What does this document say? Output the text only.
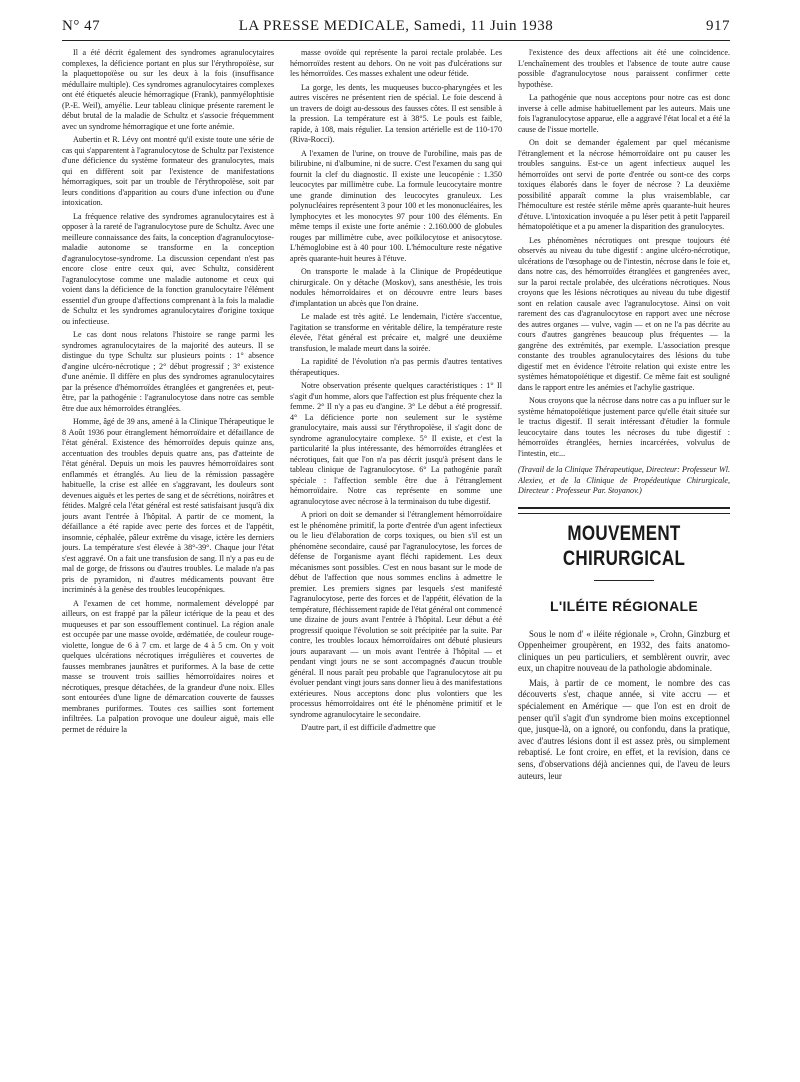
N° 47	LA PRESSE MEDICALE, Samedi, 11 Juin 1938	917

Il a été décrit également des syndromes agranulocytaires complexes, la déficience portant en plus sur l'érythropoïèse, sur la plaquettopoïèse ou sur les deux à la fois (insuffisance médullaire multiple). Ces syndromes agranulocytaires complexes ont été étiquetés aleucie hémorragique (Frank), panmyélophtisie (P.-E. Weil), amyélie. Leur tableau clinique présente rarement le début brutal de la maladie de Schultz et s'associe fréquemment avec un syndrome hémorragique et une forte anémie.

Aubertin et R. Lévy ont montré qu'il existe toute une série de cas qui s'apparentent à l'agranulocytose de Schultz par l'existence d'une déficience du système formateur des granulocytes, mais qui en diffèrent soit par l'existence de manifestations hémorragiques, soit par un trouble de l'érythropoïèse, soit par leurs conditions d'apparition au cours d'une infection ou d'une intoxication.

La fréquence relative des syndromes agranulocytaires est à opposer à la rareté de l'agranulocytose pure de Schultz. Avec une meilleure connaissance des faits, la conception d'agranulocytose-maladie autonome se transforme en la conception d'agranulocytose-syndrome. La discussion cependant n'est pas encore close entre ceux qui, avec Schultz, considèrent l'agranulocytose comme une maladie autonome et ceux qui voient dans la déficience de la fonction granulocytaire l'élément essentiel d'un groupe d'affections comprenant à la fois la maladie de Schultz et les syndromes agranulocytaires d'origine toxique ou infectieuse.

Le cas dont nous relatons l'histoire se range parmi les syndromes agranulocytaires de la majorité des auteurs. Il se distingue du type Schultz sur plusieurs points : 1° absence d'angine ulcéro-nécrotique ; 2° début progressif ; 3° existence d'une anémie. Il diffère en plus des syndromes agranulocytaires par la présence d'hémorroïdes étranglées et gangrenées et, peut-être, par la pathogénie : l'agranulocytose dans notre cas semble être due aux hémorroïdes étranglées.

Homme, âgé de 39 ans, amené à la Clinique Thérapeutique le 8 Août 1936 pour étranglement hémorroïdaire et défaillance de l'état général. Existence des hémorroïdes depuis quinze ans, accentuation des troubles depuis quatre ans, pas d'atteinte de l'état général. Depuis un mois les pauvres hémorroïdaires sont enflammés et étranglés. Au lieu de la rémission passagère habituelle, la crise est allée en s'aggravant, les douleurs sont devenues aiguës et les pertes de sang et de sécrétions, noirâtres et fétides. Malgré cela l'état général est resté satisfaisant jusqu'à dix jours avant l'entrée à l'hôpital. A partir de ce moment, la défaillance a été rapide avec perte des forces et de l'appétit, insomnie, céphalée, pâleur extrême du visage, ictère les derniers jours. La température s'est élevée à 38°-39°. Chaque jour l'état s'est aggravé. On a fait une transfusion de sang. Il n'y a pas eu de mal de gorge, de frissons ou d'autres troubles. Le malade n'a pas pris de pyramidon, ni d'autres médicaments pouvant être incriminés à la genèse des troubles leucopéniques.

A l'examen de cet homme, normalement développé par ailleurs, on est frappé par la pâleur ictérique de la peau et des muqueuses et par son essoufflement continuel. La région anale est occupée par une masse ovoïde, œdématiée, de couleur rouge-violette, longue de 6 à 7 cm. et large de 4 à 5 cm. On y voit quelques ulcérations nécrotiques irrégulières et couvertes de fausses membranes jaunâtres et puriformes. A la base de cette masse se trouvent trois saillies hémorroïdaires noires et nécrotiques, presque détachées, de la grandeur d'une noix. Elles sont entourées d'une ligne de démarcation couverte de fausses membranes puriformes. Toutes ces saillies sont fortement infiltrées. La palpation provoque une douleur aiguë, mais elle permet de réduire la

masse ovoïde qui représente la paroi rectale prolabée. Les hémorroïdes restent au dehors. On ne voit pas d'ulcérations sur les hémorroïdes. Ces masses exhalent une odeur fétide.

La gorge, les dents, les muqueuses bucco-pharyngées et les autres viscères ne présentent rien de spécial. Le foie descend à un travers de doigt au-dessous des fausses côtes. Il est sensible à la pression. La température est à 38°5. Le pouls est faible, rapide, à 108, mais régulier. La tension artérielle est de 110-170 (Riva-Rocci).

A l'examen de l'urine, on trouve de l'urobiline, mais pas de bilirubine, ni d'albumine, ni de sucre. C'est l'examen du sang qui fournit la clef du diagnostic. Il existe une leucopénie : 1.350 leucocytes par millimètre cube. La formule leucocytaire montre une grande diminution des leucocytes granuleux. Les polynucléaires représentent 3 pour 100 et les mononucléaires, les lymphocytes et les monocytes 97 pour 100 des éléments. En même temps il existe une forte anémie : 2.160.000 de globules rouges par millimètre cube, avec poïkilocytose et anisocytose. L'hémoglobine est à 40 pour 100. L'hémoculture reste négative après quarante-huit heures à l'étuve.

On transporte le malade à la Clinique de Propédeutique chirurgicale. On y détache (Moskov), sans anesthésie, les trois nodules hémorroïdaires et on découvre entre leurs bases d'implantation un abcès que l'on draine.

Le malade est très agité. Le lendemain, l'ictère s'accentue, l'agitation se transforme en véritable délire, la température reste élevée, l'état général est précaire et, malgré une deuxième transfusion, le malade meurt dans la soirée.

La rapidité de l'évolution n'a pas permis d'autres tentatives thérapeutiques.

Notre observation présente quelques caractéristiques : 1° Il s'agit d'un homme, alors que l'affection est plus fréquente chez la femme. 2° Il n'y a pas eu d'angine. 3° Le début a été progressif. 4° La déficience porte non seulement sur le système granulocytaire, mais aussi sur l'érythropoïèse, il s'agit donc de syndrome agranulocytaire complexe. 5° Il existe, et c'est la particularité la plus intéressante, des hémorroïdes étranglées et nécrotiques, fait que l'on n'a pas décrit jusqu'à présent dans le tableau clinique de l'agranulocytose. 6° La pathogénie paraît spéciale : l'affection semble être due à l'étranglement hémorroïdaire. Notre cas représente en somme une agranulocytose avec nécrose à la terminaison du tube digestif.

A priori on doit se demander si l'étranglement hémorroïdaire est le phénomène primitif, la porte d'entrée d'un agent infectieux ou le lieu d'élaboration de corps toxiques, ou bien s'il est un phénomène secondaire, causé par l'agranulocytose, les forces de défense de l'organisme ayant fléchi rapidement. Les deux mécanismes sont possibles. C'est en nous basant sur le mode de début de l'affection que nous sommes enclins à admettre le premier. Les premiers signes par lesquels s'est manifesté l'agranulocytose, perte des forces et de l'appétit, élévation de la température, fléchissement rapide de l'état général ont commencé une dizaine de jours avant l'entrée à l'hôpital. Leur début a été progressif quoique l'évolution se soit précipitée par la suite. Par contre, les troubles locaux hémorroïdaires ont débuté plusieurs jours auparavant — un mois avant l'entrée à l'hôpital — et pendant vingt jours ne se sont accompagnés d'aucun trouble général. Il nous paraît peu probable que l'agranulocytose ait pu évoluer pendant vingt jours sans donner lieu à des manifestations extérieures. Nous acceptons donc plus volontiers que les processus hémorroïdaires ont été le phénomène primitif et le syndrome agranulocytaire le secondaire.

D'autre part, il est difficile d'admettre que

l'existence des deux affections ait été une coïncidence. L'enchaînement des troubles et l'absence de toute autre cause possible d'agranulocytose nous paraissent confirmer cette hypothèse.

La pathogénie que nous acceptons pour notre cas est donc inverse à celle admise habituellement par les auteurs. Mais une fois l'agranulocytose apparue, elle a aggravé l'état local et a été la cause de l'issue mortelle.

On doit se demander également par quel mécanisme l'étranglement et la nécrose hémorroïdaire ont pu causer les troubles sanguins. Est-ce un agent infectieux auquel les hémorroïdes ont servi de porte d'entrée ou sont-ce des corps toxiques élaborés dans le foyer de nécrose ? La deuxième possibilité apparaît comme la plus vraisemblable, car l'hémoculture est restée stérile même après quarante-huit heures d'étuve. L'intoxication invoquée a pu léser petit à petit l'appareil hématopoïétique et a pu amener la disparition des granulocytes.

Les phénomènes nécrotiques ont presque toujours été observés au niveau du tube digestif : angine ulcéro-nécrotique, ulcérations de l'œsophage ou de l'intestin, nécrose dans le foie et, dans notre cas, des hémorroïdes étranglées et gangrenées avec, sur la paroi rectale prolabée, des ulcérations nécrotiques. Nous croyons que les lésions nécrotiques au niveau du tube digestif sont en relation causale avec l'agranulocytose. Ainsi on voit rarement des cas d'agranulocytose en rapport avec une nécrose des autres organes — vulve, vagin — et on ne l'a pas décrite au cours d'autres gangrènes beaucoup plus fréquentes — la gangrène des extrémités, par exemple. L'association presque constante des troubles agranulocytaires des lésions du tube digestif met en évidence l'étroite relation qui existe entre les systèmes hématopoïétique et digestif. Ce même fait est souligné dans le rapport entre les anémies et l'achylie gastrique.

Nous croyons que la nécrose dans notre cas a pu influer sur le système hématopoïétique justement parce qu'elle était située sur le tractus digestif. Il serait intéressant d'étudier la formule leucocytaire dans toutes les nécroses du tube digestif : hémorroïdes étranglées, hernies incarcérées, volvulus de l'intestin, etc...

(Travail de la Clinique Thérapeutique, Directeur: Professeur Wl. Alexiev, et de la Clinique de Propédeutique Chirurgicale, Directeur : Professeur Par. Stoyanov.)

MOUVEMENT CHIRURGICAL

L'ILÉITE RÉGIONALE

Sous le nom d' « iléite régionale », Crohn, Ginzburg et Oppenheimer groupèrent, en 1932, des faits anatomo-cliniques un peu particuliers, et semblèrent ouvrir, avec eux, un chapitre nouveau de la pathologie abdominale.

Mais, à partir de ce moment, le nombre des cas découverts s'est, chaque année, si vite accru — et spécialement en Amérique — que l'on est en droit de penser qu'il s'agit d'un syndrome bien moins exceptionnel que, jusque-là, on a ignoré, ou confondu, dans la pratique, avec d'autres lésions dont il est assez près, ou simplement rebaptisé. Le font croire, en effet, et la revision, dans ce sens, d'observations déjà anciennes qui, de l'aveu de leurs auteurs, leur
